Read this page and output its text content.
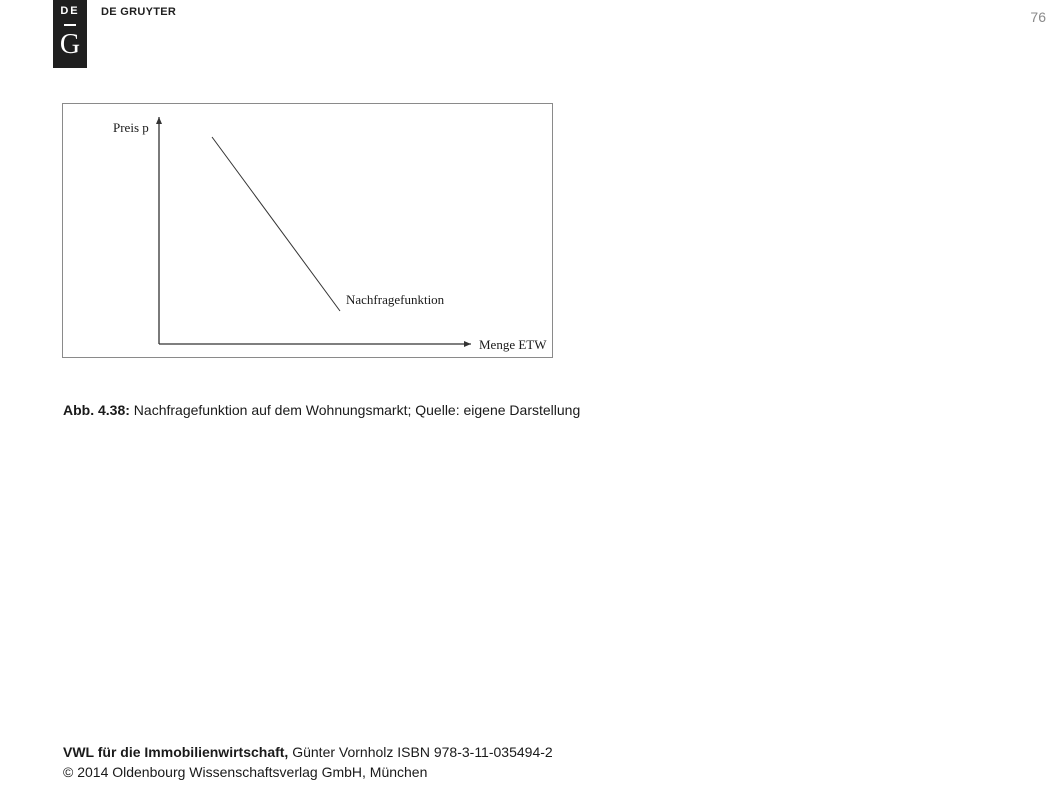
DE
G
DE GRUYTER	76
Preis p
Menge ETW
Nachfragefunktion
Abb. 4.38: Nachfragefunktion auf dem Wohnungsmarkt; Quelle: eigene Darstellung
VWL für die Immobilienwirtschaft, Günter Vornholz ISBN 978-3-11-035494-2
© 2014 Oldenbourg Wissenschaftsverlag GmbH, München
